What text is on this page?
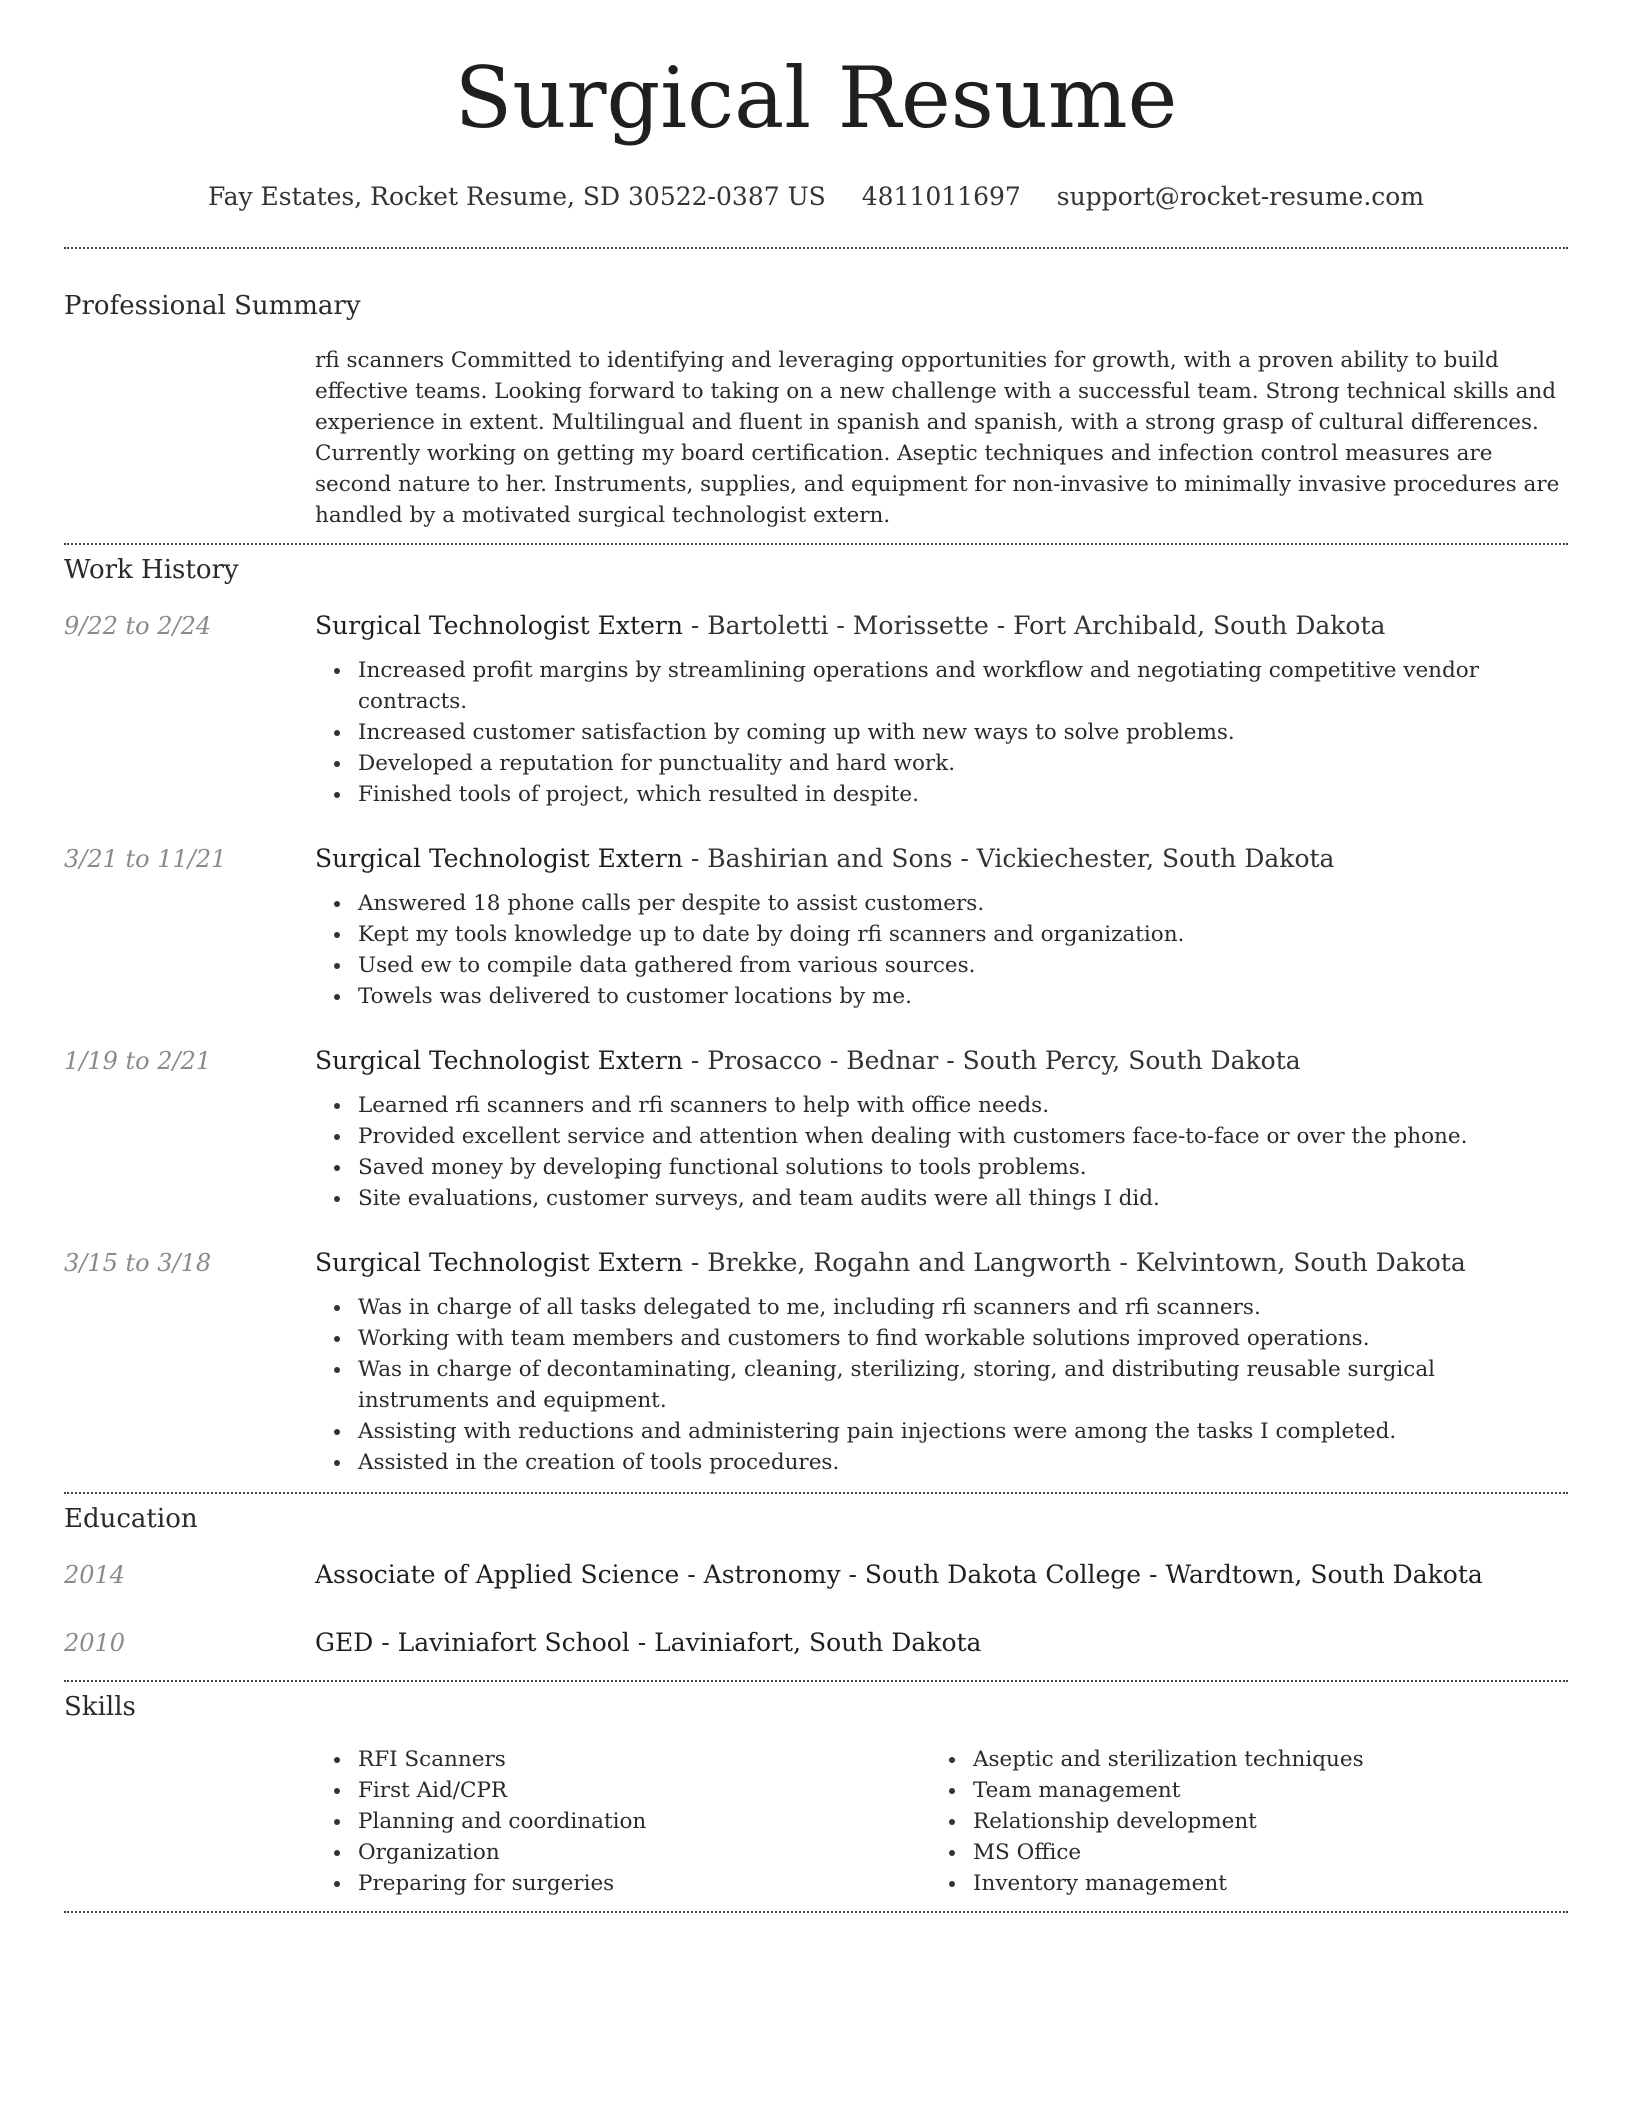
Surgical Resume
Fay Estates, Rocket Resume, SD 30522-0387 US 4811011697 support@rocket-resume.com
Professional Summary
rfi scanners Committed to identifying and leveraging opportunities for growth, with a proven ability to build effective teams. Looking forward to taking on a new challenge with a successful team. Strong technical skills and experience in extent. Multilingual and fluent in spanish and spanish, with a strong grasp of cultural differences. Currently working on getting my board certification. Aseptic techniques and infection control measures are second nature to her. Instruments, supplies, and equipment for non-invasive to minimally invasive procedures are handled by a motivated surgical technologist extern.
Work History
9/22 to 2/24	Surgical Technologist Extern - Bartoletti - Morissette - Fort Archibald, South Dakota
Increased profit margins by streamlining operations and workflow and negotiating competitive vendor contracts.
Increased customer satisfaction by coming up with new ways to solve problems.
Developed a reputation for punctuality and hard work.
Finished tools of project, which resulted in despite.
3/21 to 11/21	Surgical Technologist Extern - Bashirian and Sons - Vickiechester, South Dakota
Answered 18 phone calls per despite to assist customers.
Kept my tools knowledge up to date by doing rfi scanners and organization.
Used ew to compile data gathered from various sources.
Towels was delivered to customer locations by me.
1/19 to 2/21	Surgical Technologist Extern - Prosacco - Bednar - South Percy, South Dakota
Learned rfi scanners and rfi scanners to help with office needs.
Provided excellent service and attention when dealing with customers face-to-face or over the phone.
Saved money by developing functional solutions to tools problems.
Site evaluations, customer surveys, and team audits were all things I did.
3/15 to 3/18	Surgical Technologist Extern - Brekke, Rogahn and Langworth - Kelvintown, South Dakota
Was in charge of all tasks delegated to me, including rfi scanners and rfi scanners.
Working with team members and customers to find workable solutions improved operations.
Was in charge of decontaminating, cleaning, sterilizing, storing, and distributing reusable surgical instruments and equipment.
Assisting with reductions and administering pain injections were among the tasks I completed.
Assisted in the creation of tools procedures.
Education
2014	Associate of Applied Science - Astronomy - South Dakota College - Wardtown, South Dakota
2010	GED - Laviniafort School - Laviniafort, South Dakota
Skills
RFI Scanners
First Aid/CPR
Planning and coordination
Organization
Preparing for surgeries
Aseptic and sterilization techniques
Team management
Relationship development
MS Office
Inventory management
